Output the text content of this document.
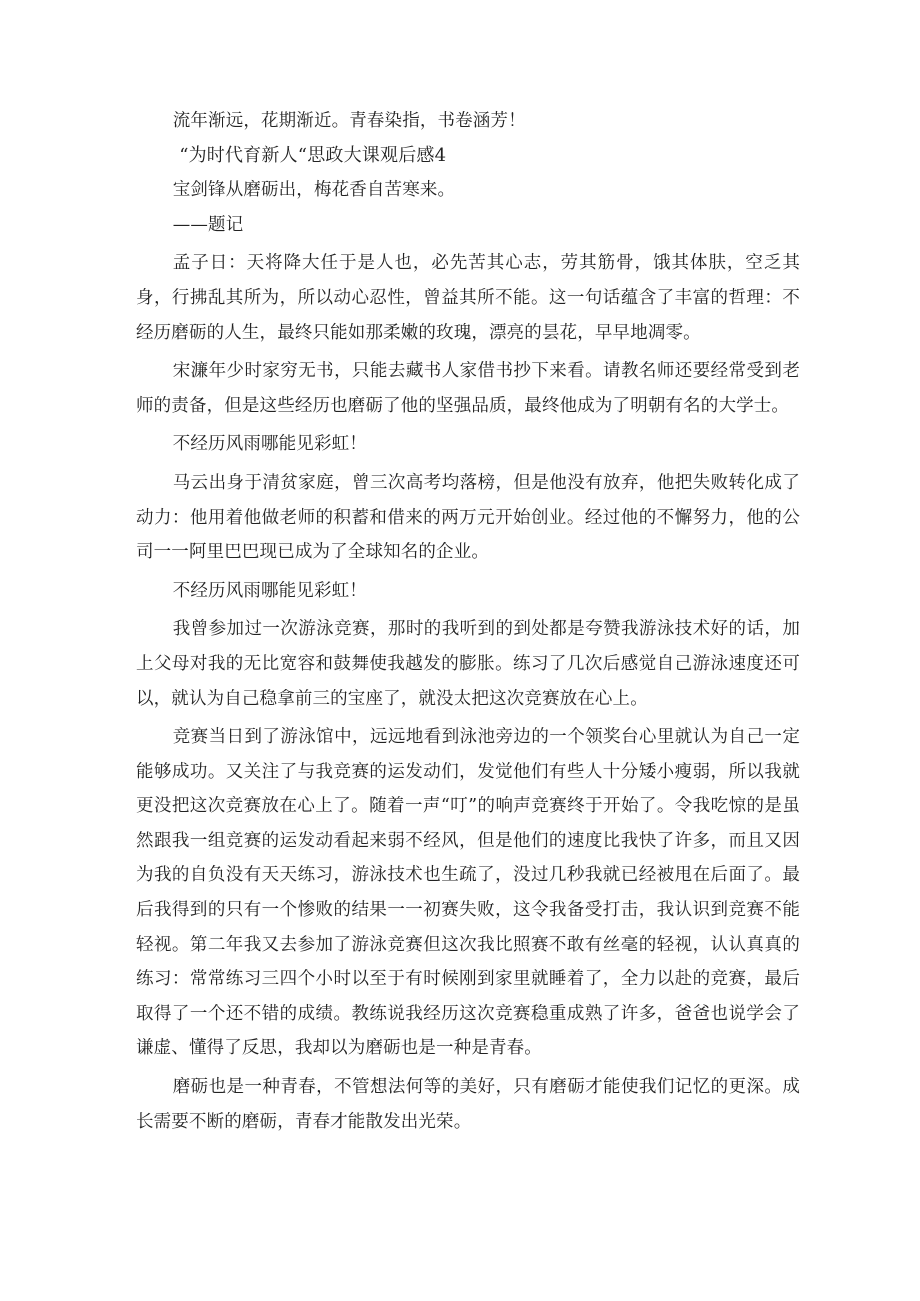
流年渐远，花期渐近。青春染指，书卷涵芳！

“为时代育新人“思政大课观后感4

宝剑锋从磨砺出，梅花香自苦寒来。

——题记

孟子日：天将降大任于是人也，必先苦其心志，劳其筋骨，饿其体肤，空乏其身，行拂乱其所为，所以动心忍性，曾益其所不能。这一句话蕴含了丰富的哲理：不经历磨砺的人生，最终只能如那柔嫩的玫瑰，漂亮的昙花，早早地凋零。

宋濂年少时家穷无书，只能去藏书人家借书抄下来看。请教名师还要经常受到老师的责备，但是这些经历也磨砺了他的坚强品质，最终他成为了明朝有名的大学士。

不经历风雨哪能见彩虹！

马云出身于清贫家庭，曾三次高考均落榜，但是他没有放弃，他把失败转化成了动力：他用着他做老师的积蓄和借来的两万元开始创业。经过他的不懈努力，他的公司一一阿里巴巴现已成为了全球知名的企业。

不经历风雨哪能见彩虹！

我曾参加过一次游泳竞赛，那时的我听到的到处都是夸赞我游泳技术好的话，加上父母对我的无比宽容和鼓舞使我越发的膨胀。练习了几次后感觉自己游泳速度还可以，就认为自己稳拿前三的宝座了，就没太把这次竞赛放在心上。

竞赛当日到了游泳馆中，远远地看到泳池旁边的一个领奖台心里就认为自己一定能够成功。又关注了与我竞赛的运发动们，发觉他们有些人十分矮小瘦弱，所以我就更没把这次竞赛放在心上了。随着一声“叮”的响声竞赛终于开始了。令我吃惊的是虽然跟我一组竞赛的运发动看起来弱不经风，但是他们的速度比我快了许多，而且又因为我的自负没有天天练习，游泳技术也生疏了，没过几秒我就已经被甩在后面了。最后我得到的只有一个惨败的结果一一初赛失败，这令我备受打击，我认识到竞赛不能轻视。第二年我又去参加了游泳竞赛但这次我比照赛不敢有丝毫的轻视，认认真真的练习：常常练习三四个小时以至于有时候刚到家里就睡着了，全力以赴的竞赛，最后取得了一个还不错的成绩。教练说我经历这次竞赛稳重成熟了许多，爸爸也说学会了谦虚、懂得了反思，我却以为磨砺也是一种是青春。

磨砺也是一种青春，不管想法何等的美好，只有磨砺才能使我们记忆的更深。成长需要不断的磨砺，青春才能散发出光荣。
